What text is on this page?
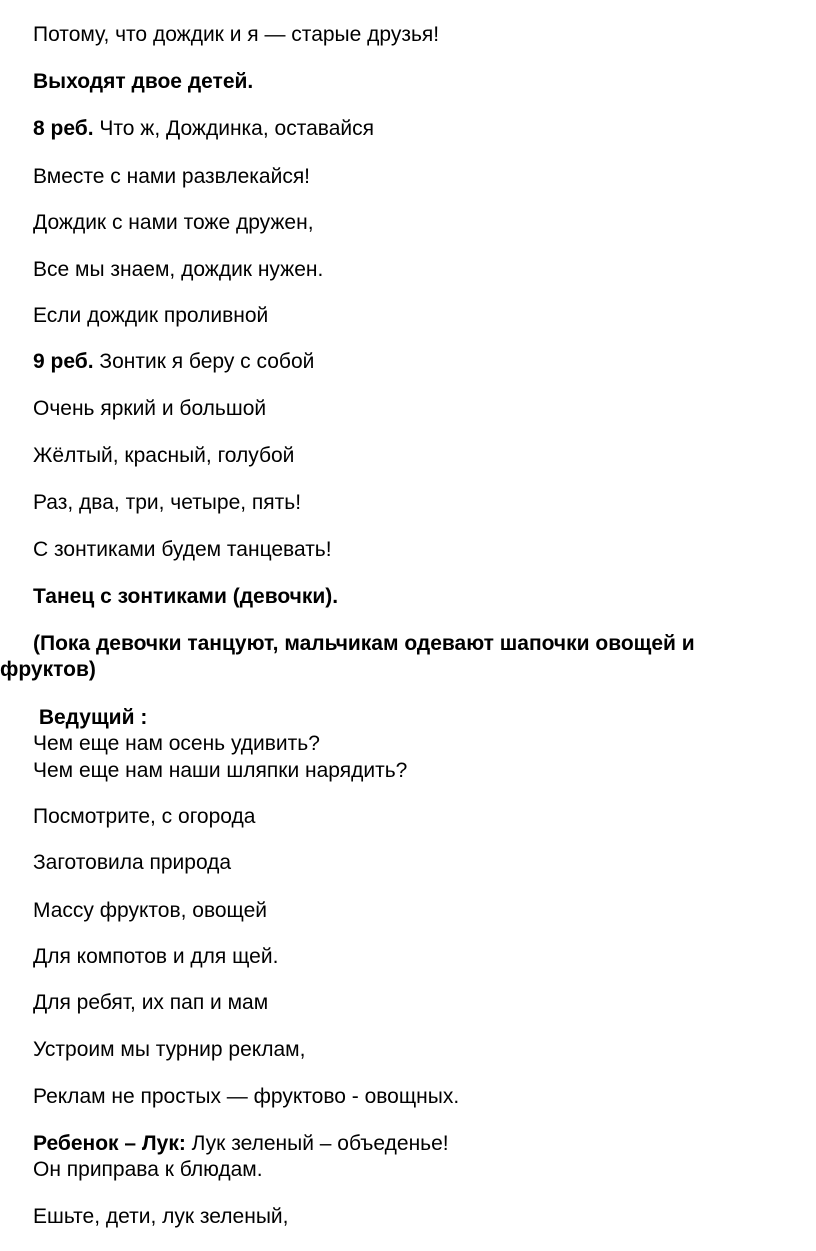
Потому, что дождик и я — старые друзья!
Выходят двое детей.
8 реб. Что ж, Дождинка, оставайся
Вместе с нами развлекайся!
Дождик с нами тоже дружен,
Все мы знаем, дождик нужен.
Если дождик проливной
9 реб. Зонтик я беру с собой
Очень яркий и большой
Жёлтый, красный, голубой
Раз, два, три, четыре, пять!
С зонтиками будем танцевать!
Танец с зонтиками (девочки).
(Пока девочки танцуют, мальчикам одевают шапочки овощей и
фруктов)
Ведущий :
Чем еще нам осень удивить?
Чем еще нам наши шляпки нарядить?
Посмотрите, с огорода
Заготовила природа
Массу фруктов, овощей
Для компотов и для щей.
Для ребят, их пап и мам
Устроим мы турнир реклам,
Реклам не простых — фруктово - овощных.
Ребенок – Лук: Лук зеленый – объеденье!
Он приправа к блюдам.
Ешьте, дети, лук зеленый,
